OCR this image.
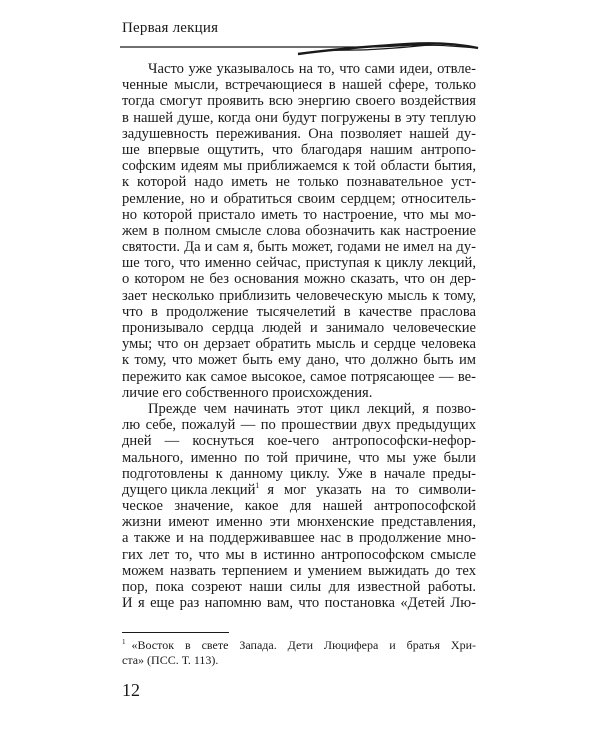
Первая лекция
Часто уже указывалось на то, что сами идеи, отвле-
ченные мысли, встречающиеся в нашей сфере, только
тогда смогут проявить всю энергию своего воздействия
в нашей душе, когда они будут погружены в эту теплую
задушевность переживания. Она позволяет нашей ду-
ше впервые ощутить, что благодаря нашим антропо-
софским идеям мы приближаемся к той области бытия,
к которой надо иметь не только познавательное уст-
ремление, но и обратиться своим сердцем; относитель-
но которой пристало иметь то настроение, что мы мо-
жем в полном смысле слова обозначить как настроение
святости. Да и сам я, быть может, годами не имел на ду-
ше того, что именно сейчас, приступая к циклу лекций,
о котором не без основания можно сказать, что он дер-
зает несколько приблизить человеческую мысль к тому,
что в продолжение тысячелетий в качестве праслова
пронизывало сердца людей и занимало человеческие
умы; что он дерзает обратить мысль и сердце человека
к тому, что может быть ему дано, что должно быть им
пережито как самое высокое, самое потрясающее — ве-
личие его собственного происхождения.
Прежде чем начинать этот цикл лекций, я позво-
лю себе, пожалуй — по прошествии двух предыдущих
дней — коснуться кое-чего антропософски-нефор-
мального, именно по той причине, что мы уже были
подготовлены к данному циклу. Уже в начале преды-
дущего цикла лекций$^1$ я мог указать на то символи-
ческое значение, какое для нашей антропософской
жизни имеют именно эти мюнхенские представления,
а также и на поддерживавшее нас в продолжение мно-
гих лет то, что мы в истинно антропософском смысле
можем назвать терпением и умением выжидать до тех
пор, пока созреют наши силы для известной работы.
И я еще раз напомню вам, что постановка «Детей Лю-
$^1$ «Восток в свете Запада. Дети Люцифера и братья Хри-
ста» (ПСС. Т. 113).
12
